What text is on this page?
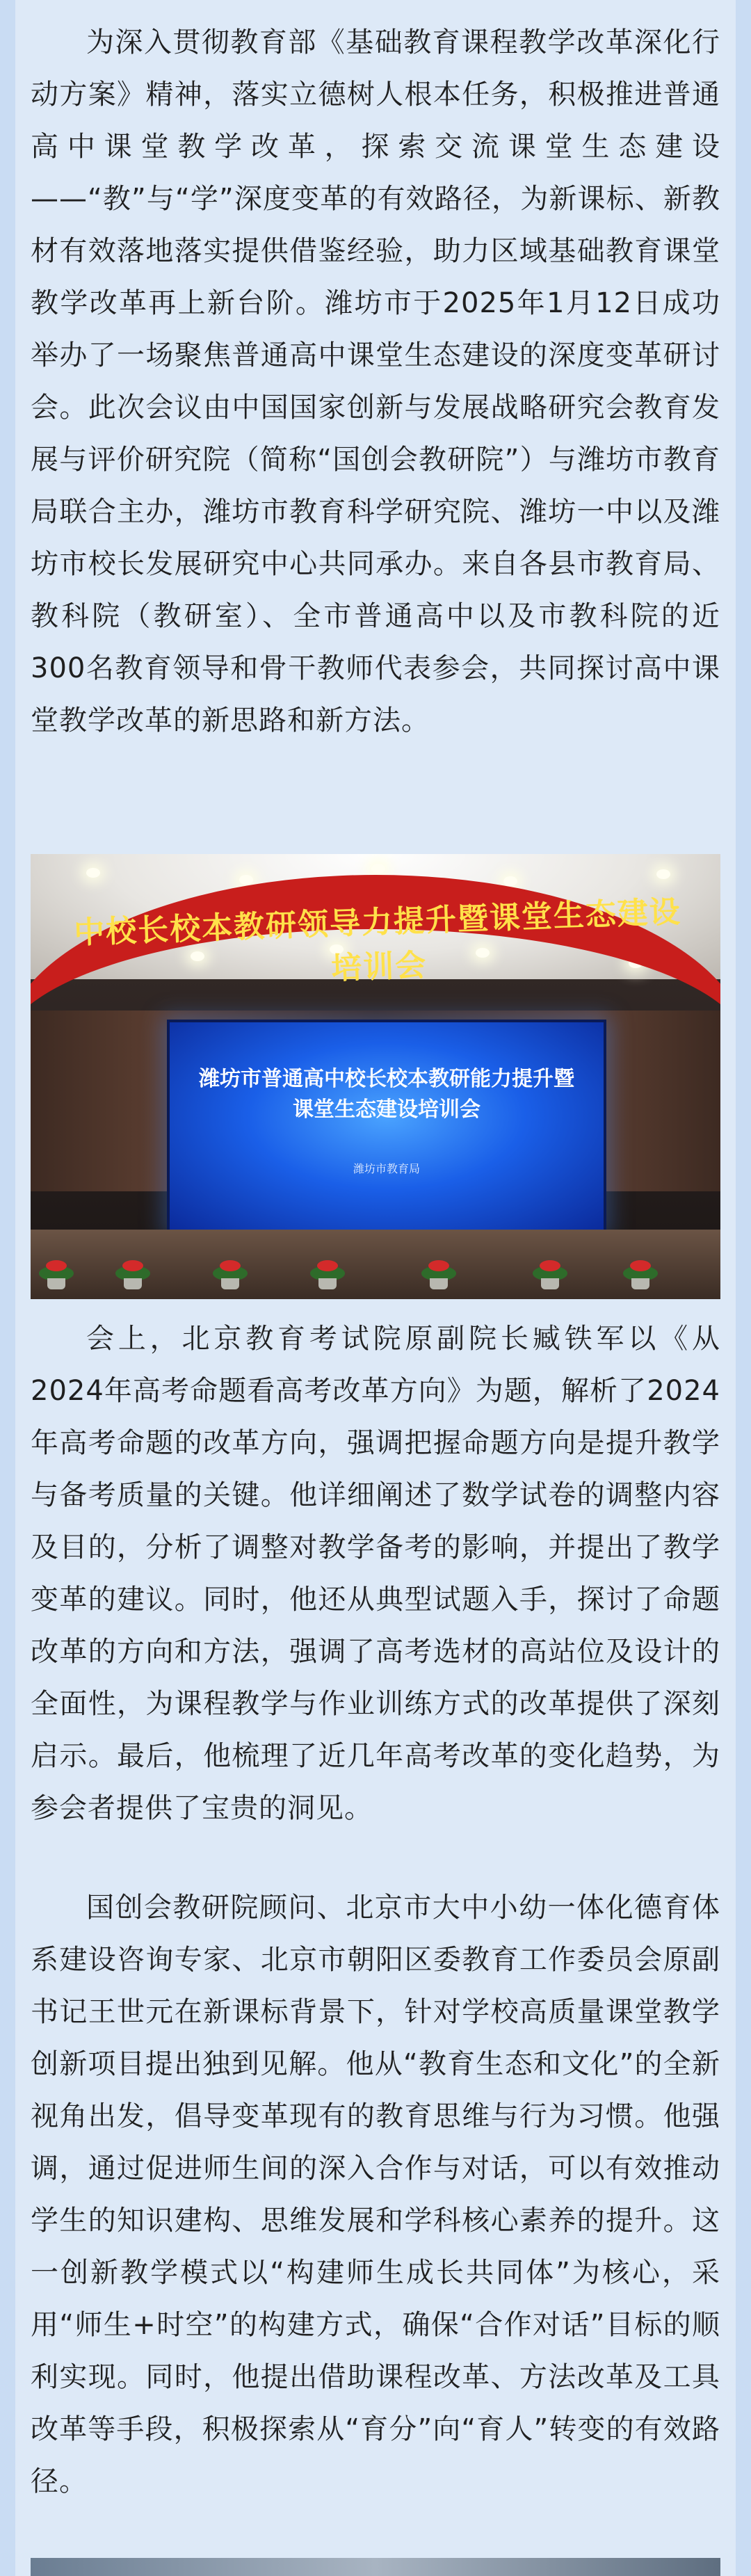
为深入贯彻教育部《基础教育课程教学改革深化行动方案》精神，落实立德树人根本任务，积极推进普通高中课堂教学改革，探索交流课堂生态建设——“教”与“学”深度变革的有效路径，为新课标、新教材有效落地落实提供借鉴经验，助力区域基础教育课堂教学改革再上新台阶。潍坊市于2025年1月12日成功举办了一场聚焦普通高中课堂生态建设的深度变革研讨会。此次会议由中国国家创新与发展战略研究会教育发展与评价研究院（简称“国创会教研院”）与潍坊市教育局联合主办，潍坊市教育科学研究院、潍坊一中以及潍坊市校长发展研究中心共同承办。来自各县市教育局、教科院（教研室）、全市普通高中以及市教科院的近300名教育领导和骨干教师代表参会，共同探讨高中课堂教学改革的新思路和新方法。

中校长校本教研领导力提升暨课堂生态建设培训会
潍坊市普通高中校长校本教研能力提升暨课堂生态建设培训会
潍坊市教育局

会上，北京教育考试院原副院长臧铁军以《从2024年高考命题看高考改革方向》为题，解析了2024年高考命题的改革方向，强调把握命题方向是提升教学与备考质量的关键。他详细阐述了数学试卷的调整内容及目的，分析了调整对教学备考的影响，并提出了教学变革的建议。同时，他还从典型试题入手，探讨了命题改革的方向和方法，强调了高考选材的高站位及设计的全面性，为课程教学与作业训练方式的改革提供了深刻启示。最后，他梳理了近几年高考改革的变化趋势，为参会者提供了宝贵的洞见。

国创会教研院顾问、北京市大中小幼一体化德育体系建设咨询专家、北京市朝阳区委教育工作委员会原副书记王世元在新课标背景下，针对学校高质量课堂教学创新项目提出独到见解。他从“教育生态和文化”的全新视角出发，倡导变革现有的教育思维与行为习惯。他强调，通过促进师生间的深入合作与对话，可以有效推动学生的知识建构、思维发展和学科核心素养的提升。这一创新教学模式以“构建师生成长共同体”为核心，采用“师生+时空”的构建方式，确保“合作对话”目标的顺利实现。同时，他提出借助课程改革、方法改革及工具改革等手段，积极探索从“育分”向“育人”转变的有效路径。
